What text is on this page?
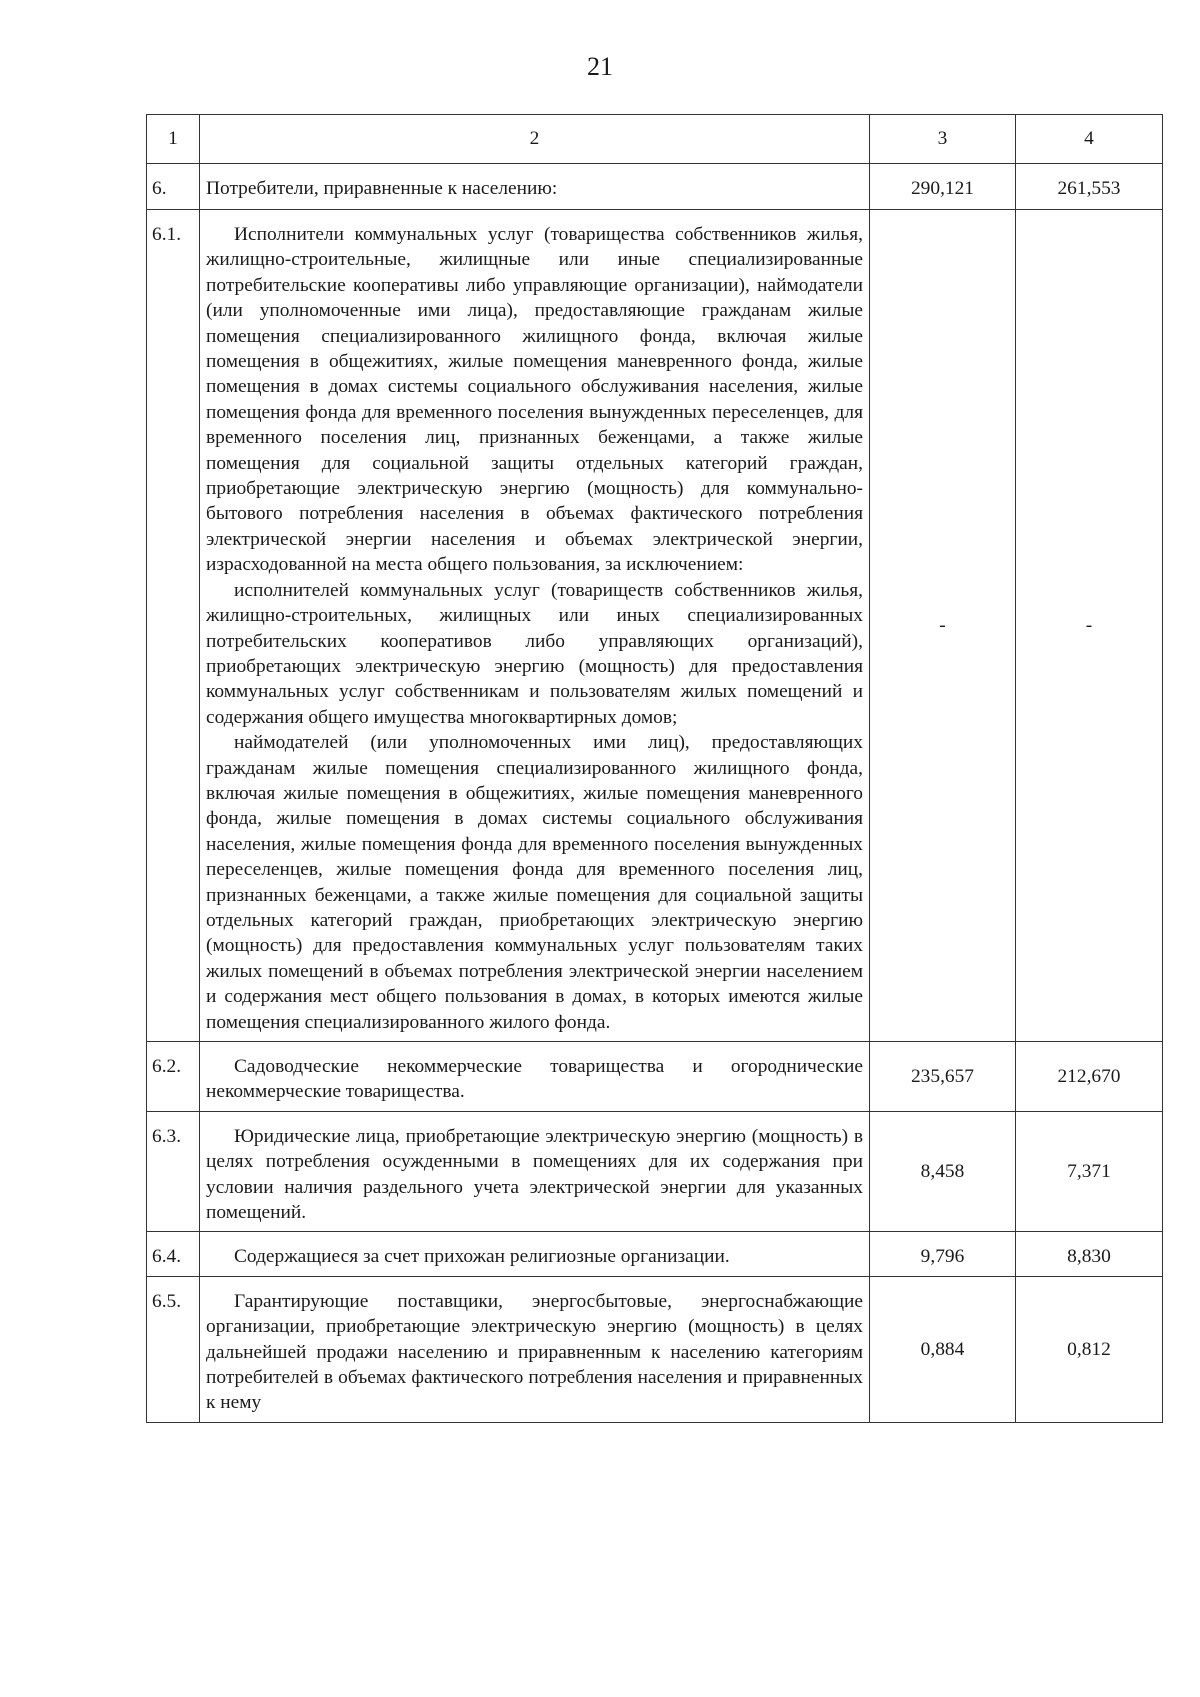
21
1	2	3	4
6.	Потребители, приравненные к населению:	290,121	261,553
6.1.	Исполнители коммунальных услуг (товарищества собственников жилья, жилищно-строительные, жилищные или иные специализированные потребительские кооперативы либо управляющие организации), наймодатели (или уполномоченные ими лица), предоставляющие гражданам жилые помещения специализированного жилищного фонда, включая жилые помещения в общежитиях, жилые помещения маневренного фонда, жилые помещения в домах системы социального обслуживания населения, жилые помещения фонда для временного поселения вынужденных переселенцев, для временного поселения лиц, признанных беженцами, а также жилые помещения для социальной защиты отдельных категорий граждан, приобретающие электрическую энергию (мощность) для коммунально-бытового потребления населения в объемах фактического потребления электрической энергии населения и объемах электрической энергии, израсходованной на места общего пользования, за исключением:

исполнителей коммунальных услуг (товариществ собственников жилья, жилищно-строительных, жилищных или иных специализированных потребительских кооперативов либо управляющих организаций), приобретающих электрическую энергию (мощность) для предоставления коммунальных услуг собственникам и пользователям жилых помещений и содержания общего имущества многоквартирных домов;

наймодателей (или уполномоченных ими лиц), предоставляющих гражданам жилые помещения специализированного жилищного фонда, включая жилые помещения в общежитиях, жилые помещения маневренного фонда, жилые помещения в домах системы социального обслуживания населения, жилые помещения фонда для временного поселения вынужденных переселенцев, жилые помещения фонда для временного поселения лиц, признанных беженцами, а также жилые помещения для социальной защиты отдельных категорий граждан, приобретающих электрическую энергию (мощность) для предоставления коммунальных услуг пользователям таких жилых помещений в объемах потребления электрической энергии населением и содержания мест общего пользования в домах, в которых имеются жилые помещения специализированного жилого фонда.	-	-
6.2.	Садоводческие некоммерческие товарищества и огороднические некоммерческие товарищества.	235,657	212,670
6.3.	Юридические лица, приобретающие электрическую энергию (мощность) в целях потребления осужденными в помещениях для их содержания при условии наличия раздельного учета электрической энергии для указанных помещений.	8,458	7,371
6.4.	Содержащиеся за счет прихожан религиозные организации.	9,796	8,830
6.5.	Гарантирующие поставщики, энергосбытовые, энергоснабжающие организации, приобретающие электрическую энергию (мощность) в целях дальнейшей продажи населению и приравненным к населению категориям потребителей в объемах фактического потребления населения и приравненных к нему	0,884	0,812
